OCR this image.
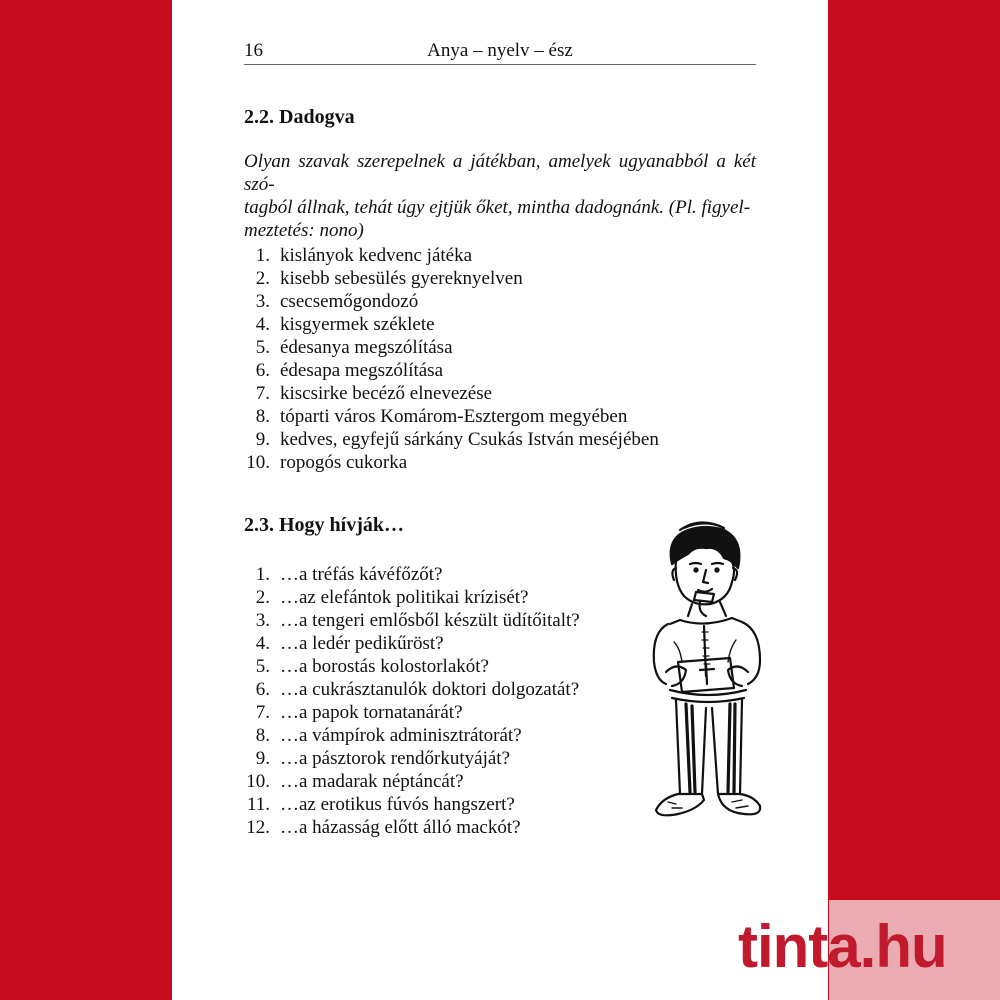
16	Anya – nyelv – ész
2.2. Dadogva
Olyan szavak szerepelnek a játékban, amelyek ugyanabból a két szó-
tagból állnak, tehát úgy ejtjük őket, mintha dadognánk. (Pl. figyel-
meztetés: nono)
1. kislányok kedvenc játéka
2. kisebb sebesülés gyereknyelven
3. csecsemőgondozó
4. kisgyermek széklete
5. édesanya megszólítása
6. édesapa megszólítása
7. kiscsirke becéző elnevezése
8. tóparti város Komárom-Esztergom megyében
9. kedves, egyfejű sárkány Csukás István meséjében
10. ropogós cukorka
2.3. Hogy hívják…
1. …a tréfás kávéfőzőt?
2. …az elefántok politikai krízisét?
3. …a tengeri emlősből készült üdítőitalt?
4. …a ledér pedikűröst?
5. …a borostás kolostorlakót?
6. …a cukrásztanulók doktori dolgozatát?
7. …a papok tornatanárát?
8. …a vámpírok adminisztrátorát?
9. …a pásztorok rendőrkutyáját?
10. …a madarak néptáncát?
11. …az erotikus fúvós hangszert?
12. …a házasság előtt álló mackót?
tinta.hu
